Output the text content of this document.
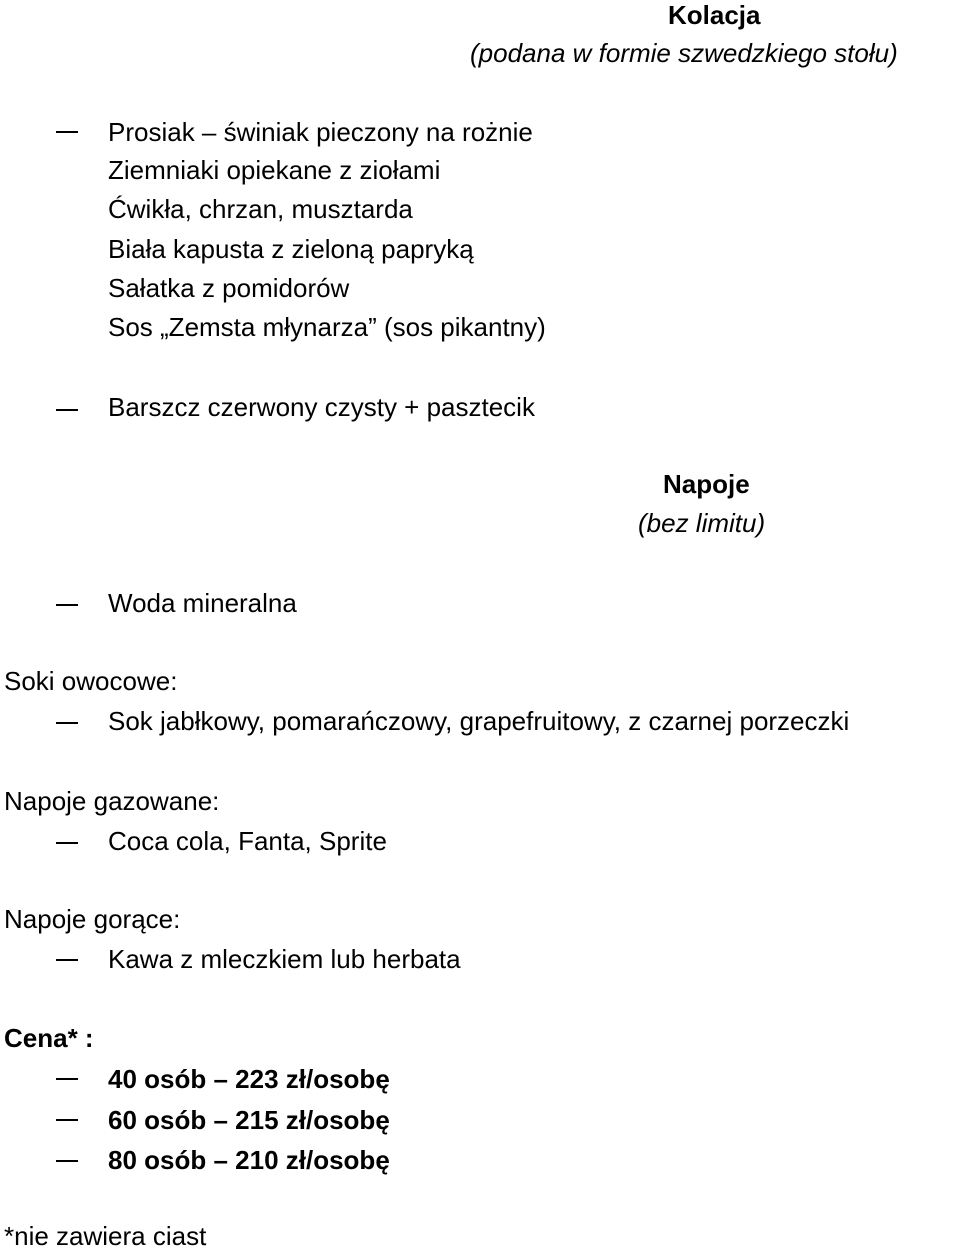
Kolacja
(podana w formie szwedzkiego stołu)
Prosiak – świniak pieczony na rożnie
Ziemniaki opiekane z ziołami
Ćwikła, chrzan, musztarda
Biała kapusta z zieloną papryką
Sałatka z pomidorów
Sos „Zemsta młynarza” (sos pikantny)
Barszcz czerwony czysty + pasztecik
Napoje
(bez limitu)
Woda mineralna
Soki owocowe:
Sok jabłkowy, pomarańczowy, grapefruitowy, z czarnej porzeczki
Napoje gazowane:
Coca cola, Fanta, Sprite
Napoje gorące:
Kawa z mleczkiem lub herbata
Cena* :
40 osób – 223 zł/osobę
60 osób – 215 zł/osobę
80 osób – 210 zł/osobę
*nie zawiera ciast
